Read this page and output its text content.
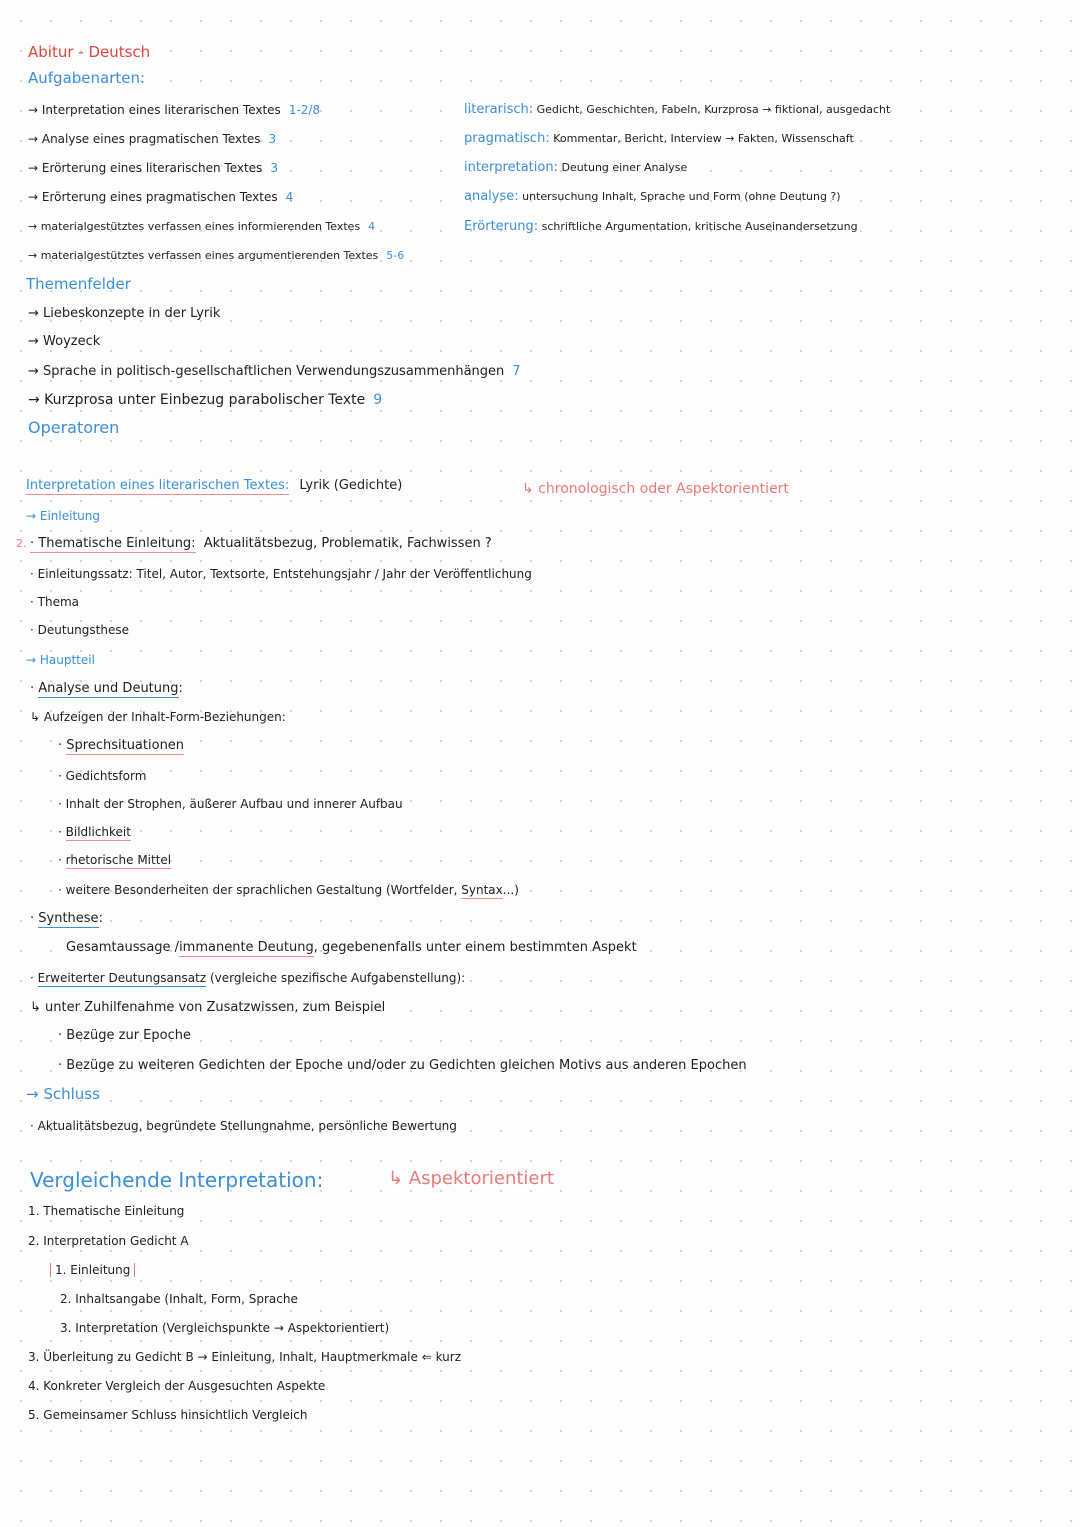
Abitur - Deutsch
Aufgabenarten:
→ Interpretation eines literarischen Textes 1-2/8
→ Analyse eines pragmatischen Textes 3
→ Erörterung eines literarischen Textes 3
→ Erörterung eines pragmatischen Textes 4
→ materialgestütztes verfassen eines informierenden Textes 4
→ materialgestütztes verfassen eines argumentierenden Textes 5-6
literarisch: Gedicht, Geschichten, Fabeln, Kurzprosa → fiktional, ausgedacht
pragmatisch: Kommentar, Bericht, Interview → Fakten, Wissenschaft
interpretation: Deutung einer Analyse
analyse: untersuchung Inhalt, Sprache und Form (ohne Deutung ?)
Erörterung: schriftliche Argumentation, kritische Auseinandersetzung
Themenfelder
→ Liebeskonzepte in der Lyrik
→ Woyzeck
→ Sprache in politisch-gesellschaftlichen Verwendungszusammenhängen 7
→ Kurzprosa unter Einbezug parabolischer Texte 9
Operatoren
Interpretation eines literarischen Textes: Lyrik (Gedichte)	↳ chronologisch oder Aspektorientiert
→ Einleitung
2. · Thematische Einleitung: Aktualitätsbezug, Problematik, Fachwissen ?
· Einleitungssatz: Titel, Autor, Textsorte, Entstehungsjahr / Jahr der Veröffentlichung
· Thema
· Deutungsthese
→ Hauptteil
· Analyse und Deutung:
↳ Aufzeigen der Inhalt-Form-Beziehungen:
· Sprechsituationen
· Gedichtsform
· Inhalt der Strophen, äußerer Aufbau und innerer Aufbau
· Bildlichkeit
· rhetorische Mittel
· weitere Besonderheiten der sprachlichen Gestaltung (Wortfelder, Syntax...)
· Synthese:
Gesamtaussage /immanente Deutung, gegebenenfalls unter einem bestimmten Aspekt
· Erweiterter Deutungsansatz (vergleiche spezifische Aufgabenstellung):
↳ unter Zuhilfenahme von Zusatzwissen, zum Beispiel
· Bezüge zur Epoche
· Bezüge zu weiteren Gedichten der Epoche und/oder zu Gedichten gleichen Motivs aus anderen Epochen
→ Schluss
· Aktualitätsbezug, begründete Stellungnahme, persönliche Bewertung
Vergleichende Interpretation:	↳ Aspektorientiert
1. Thematische Einleitung
2. Interpretation Gedicht A
1. Einleitung
2. Inhaltsangabe (Inhalt, Form, Sprache
3. Interpretation (Vergleichspunkte → Aspektorientiert)
3. Überleitung zu Gedicht B → Einleitung, Inhalt, Hauptmerkmale ⇐ kurz
4. Konkreter Vergleich der Ausgesuchten Aspekte
5. Gemeinsamer Schluss hinsichtlich Vergleich
